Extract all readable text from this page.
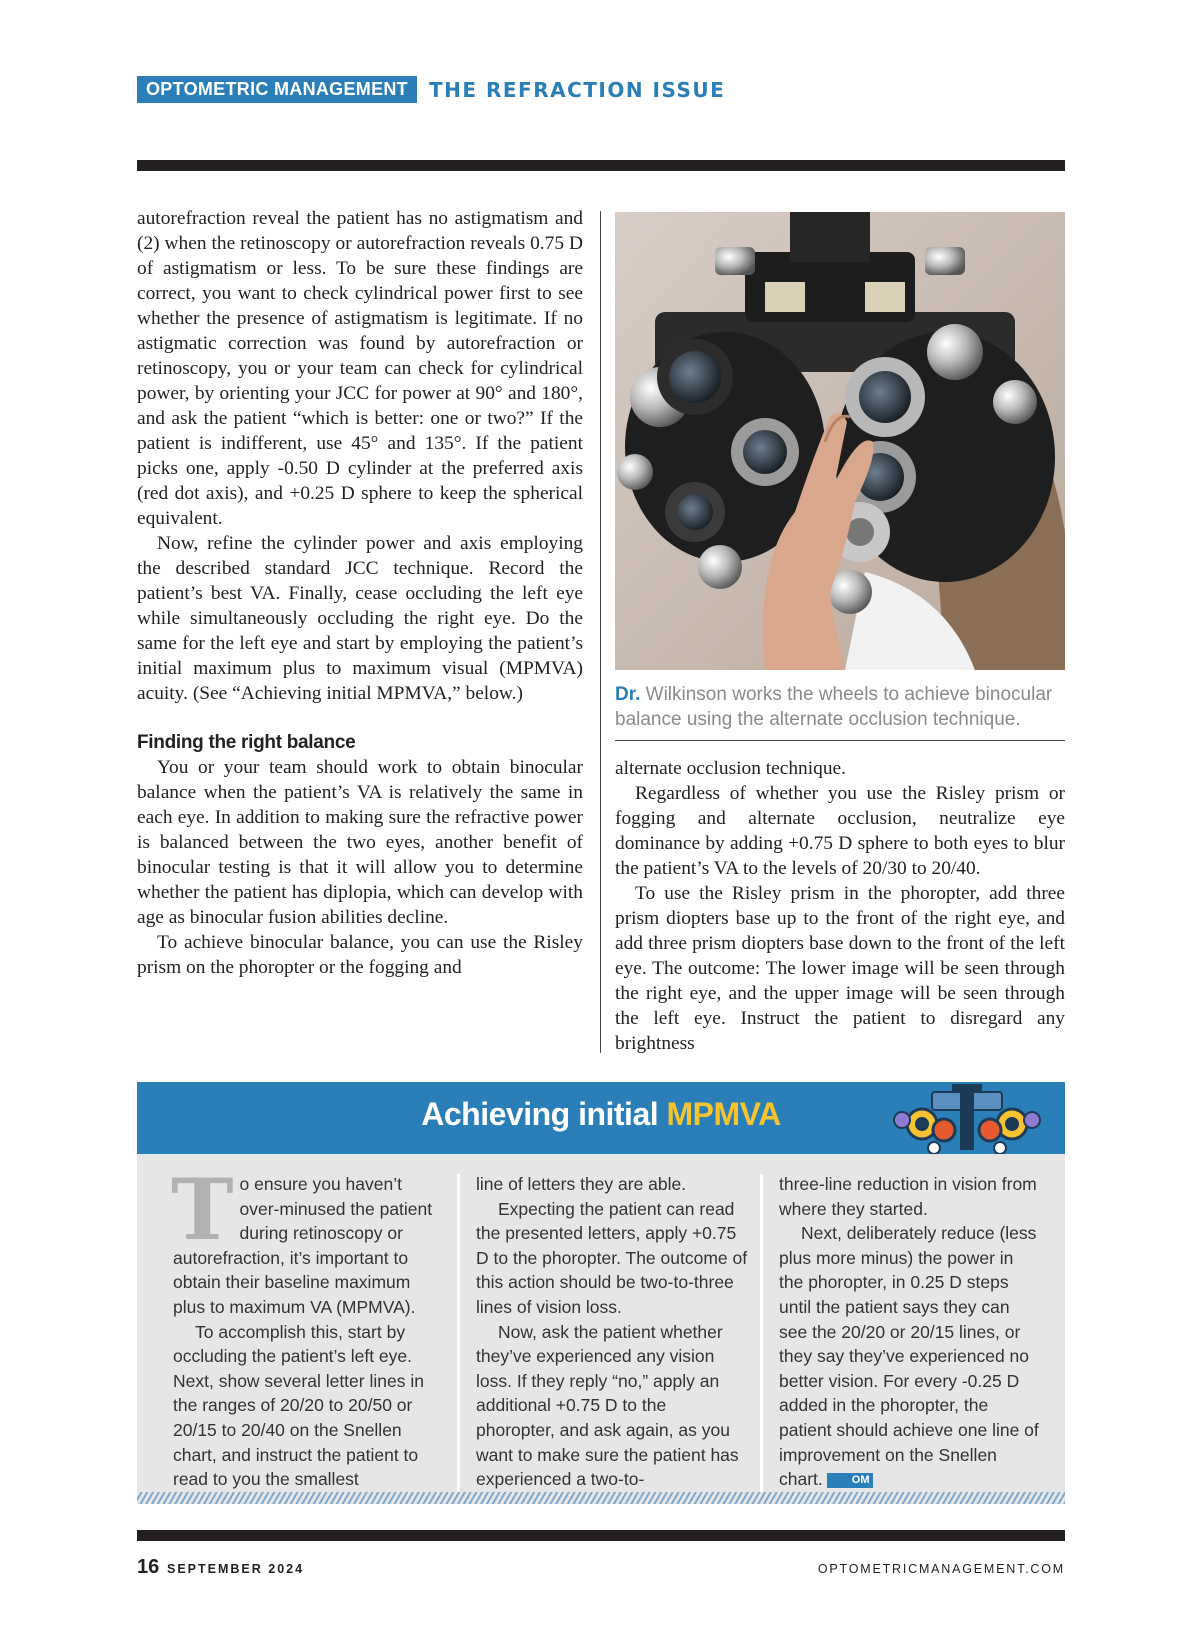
OPTOMETRIC MANAGEMENT	THE REFRACTION ISSUE

autorefraction reveal the patient has no astigmatism and (2) when the retinoscopy or autorefraction reveals 0.75 D of astigmatism or less. To be sure these findings are correct, you want to check cylindrical power first to see whether the presence of astigmatism is legitimate. If no astigmatic correction was found by autorefraction or retinoscopy, you or your team can check for cylindrical power, by orienting your JCC for power at 90° and 180°, and ask the patient “which is better: one or two?” If the patient is indifferent, use 45° and 135°. If the patient picks one, apply -0.50 D cylinder at the preferred axis (red dot axis), and +0.25 D sphere to keep the spherical equivalent.

Now, refine the cylinder power and axis employing the described standard JCC technique. Record the patient’s best VA. Finally, cease occluding the left eye while simultaneously occluding the right eye. Do the same for the left eye and start by employing the patient’s initial maximum plus to maximum visual (MPMVA) acuity. (See “Achieving initial MPMVA,” below.)

Finding the right balance

You or your team should work to obtain binocular balance when the patient’s VA is relatively the same in each eye. In addition to making sure the refractive power is balanced between the two eyes, another benefit of binocular testing is that it will allow you to determine whether the patient has diplopia, which can develop with age as binocular fusion abilities decline.

To achieve binocular balance, you can use the Risley prism on the phoropter or the fogging and

Dr. Wilkinson works the wheels to achieve binocular balance using the alternate occlusion technique.

alternate occlusion technique.

Regardless of whether you use the Risley prism or fogging and alternate occlusion, neutralize eye dominance by adding +0.75 D sphere to both eyes to blur the patient’s VA to the levels of 20/30 to 20/40.

To use the Risley prism in the phoropter, add three prism diopters base up to the front of the right eye, and add three prism diopters base down to the front of the left eye. The outcome: The lower image will be seen through the right eye, and the upper image will be seen through the left eye. Instruct the patient to disregard any brightness

Achieving initial MPMVA

To ensure you haven’t over-minused the patient during retinoscopy or autorefraction, it’s important to obtain their baseline maximum plus to maximum VA (MPMVA).

To accomplish this, start by occluding the patient’s left eye. Next, show several letter lines in the ranges of 20/20 to 20/50 or 20/15 to 20/40 on the Snellen chart, and instruct the patient to read to you the smallest

line of letters they are able.

Expecting the patient can read the presented letters, apply +0.75 D to the phoropter. The outcome of this action should be two-to-three lines of vision loss.

Now, ask the patient whether they’ve experienced any vision loss. If they reply “no,” apply an additional +0.75 D to the phoropter, and ask again, as you want to make sure the patient has experienced a two-to-

three-line reduction in vision from where they started.

Next, deliberately reduce (less plus more minus) the power in the phoropter, in 0.25 D steps until the patient says they can see the 20/20 or 20/15 lines, or they say they’ve experienced no better vision. For every -0.25 D added in the phoropter, the patient should achieve one line of improvement on the Snellen chart.	OM

16 SEPTEMBER 2024	OPTOMETRICMANAGEMENT.COM
